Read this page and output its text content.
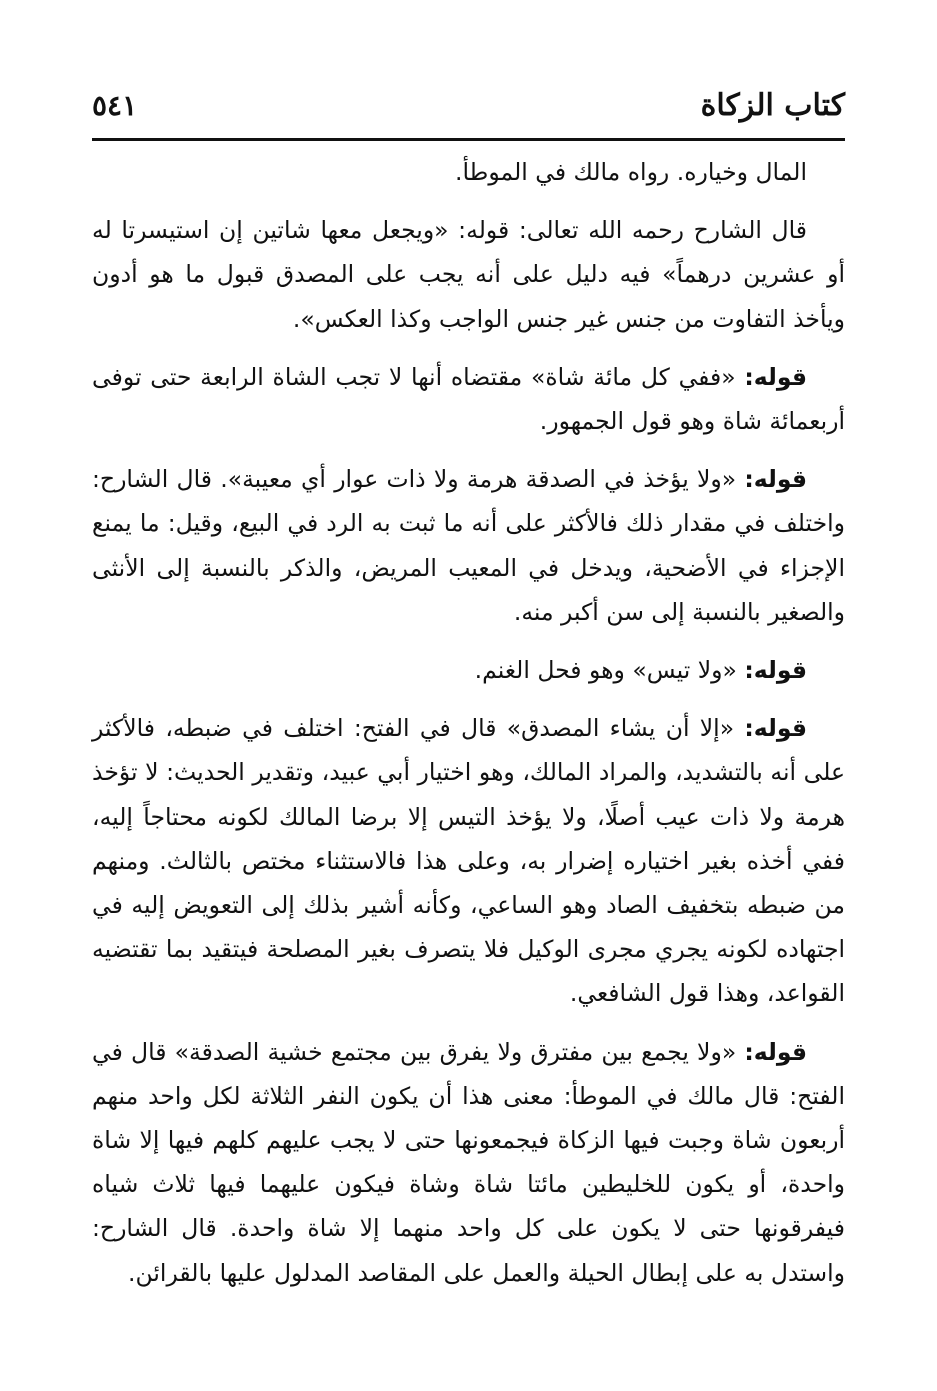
كتاب الزكاة
٥٤١

المال وخياره. رواه مالك في الموطأ.

قال الشارح رحمه الله تعالى: قوله: «ويجعل معها شاتين إن استيسرتا له أو عشرين درهماً» فيه دليل على أنه يجب على المصدق قبول ما هو أدون ويأخذ التفاوت من جنس غير جنس الواجب وكذا العكس».

قوله: «ففي كل مائة شاة» مقتضاه أنها لا تجب الشاة الرابعة حتى توفى أربعمائة شاة وهو قول الجمهور.

قوله: «ولا يؤخذ في الصدقة هرمة ولا ذات عوار أي معيبة». قال الشارح: واختلف في مقدار ذلك فالأكثر على أنه ما ثبت به الرد في البيع، وقيل: ما يمنع الإجزاء في الأضحية، ويدخل في المعيب المريض، والذكر بالنسبة إلى الأنثى والصغير بالنسبة إلى سن أكبر منه.

قوله: «ولا تيس» وهو فحل الغنم.

قوله: «إلا أن يشاء المصدق» قال في الفتح: اختلف في ضبطه، فالأكثر على أنه بالتشديد، والمراد المالك، وهو اختيار أبي عبيد، وتقدير الحديث: لا تؤخذ هرمة ولا ذات عيب أصلًا، ولا يؤخذ التيس إلا برضا المالك لكونه محتاجاً إليه، ففي أخذه بغير اختياره إضرار به، وعلى هذا فالاستثناء مختص بالثالث. ومنهم من ضبطه بتخفيف الصاد وهو الساعي، وكأنه أشير بذلك إلى التعويض إليه في اجتهاده لكونه يجري مجرى الوكيل فلا يتصرف بغير المصلحة فيتقيد بما تقتضيه القواعد، وهذا قول الشافعي.

قوله: «ولا يجمع بين مفترق ولا يفرق بين مجتمع خشية الصدقة» قال في الفتح: قال مالك في الموطأ: معنى هذا أن يكون النفر الثلاثة لكل واحد منهم أربعون شاة وجبت فيها الزكاة فيجمعونها حتى لا يجب عليهم كلهم فيها إلا شاة واحدة، أو يكون للخليطين مائتا شاة وشاة فيكون عليهما فيها ثلاث شياه فيفرقونها حتى لا يكون على كل واحد منهما إلا شاة واحدة. قال الشارح: واستدل به على إبطال الحيلة والعمل على المقاصد المدلول عليها بالقرائن.
